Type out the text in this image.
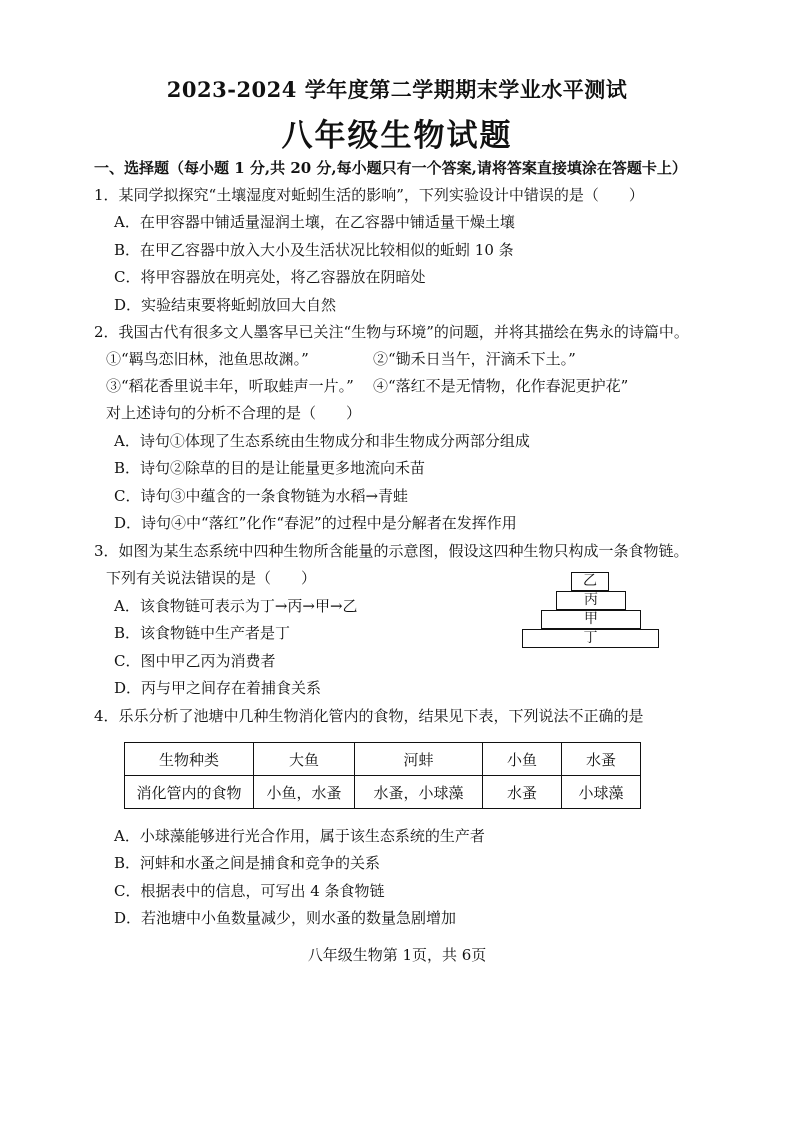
2023-2024 学年度第二学期期末学业水平测试
八年级生物试题
一、选择题（每小题 1 分,共 20 分,每小题只有一个答案,请将答案直接填涂在答题卡上）
1．某同学拟探究“土壤湿度对蚯蚓生活的影响”，下列实验设计中错误的是（　　）
A．在甲容器中铺适量湿润土壤，在乙容器中铺适量干燥土壤
B．在甲乙容器中放入大小及生活状况比较相似的蚯蚓 10 条
C．将甲容器放在明亮处，将乙容器放在阴暗处
D．实验结束要将蚯蚓放回大自然
2．我国古代有很多文人墨客早已关注“生物与环境”的问题，并将其描绘在隽永的诗篇中。
①“羁鸟恋旧林，池鱼思故渊。”	②“锄禾日当午，汗滴禾下土。”
③“稻花香里说丰年，听取蛙声一片。” ④“落红不是无情物，化作春泥更护花”
对上述诗句的分析不合理的是（　　）
A．诗句①体现了生态系统由生物成分和非生物成分两部分组成
B．诗句②除草的目的是让能量更多地流向禾苗
C．诗句③中蕴含的一条食物链为水稻→青蛙
D．诗句④中“落红”化作“春泥”的过程中是分解者在发挥作用
3．如图为某生态系统中四种生物所含能量的示意图，假设这四种生物只构成一条食物链。
下列有关说法错误的是（　　）
A．该食物链可表示为丁→丙→甲→乙
B．该食物链中生产者是丁
C．图中甲乙丙为消费者
D．丙与甲之间存在着捕食关系
乙
丙
甲
丁
4．乐乐分析了池塘中几种生物消化管内的食物，结果见下表，下列说法不正确的是
生物种类	大鱼	河蚌	小鱼	水蚤
消化管内的食物	小鱼，水蚤	水蚤，小球藻	水蚤	小球藻
A．小球藻能够进行光合作用，属于该生态系统的生产者
B．河蚌和水蚤之间是捕食和竞争的关系
C．根据表中的信息，可写出 4 条食物链
D．若池塘中小鱼数量减少，则水蚤的数量急剧增加
八年级生物第 1页，共 6页
